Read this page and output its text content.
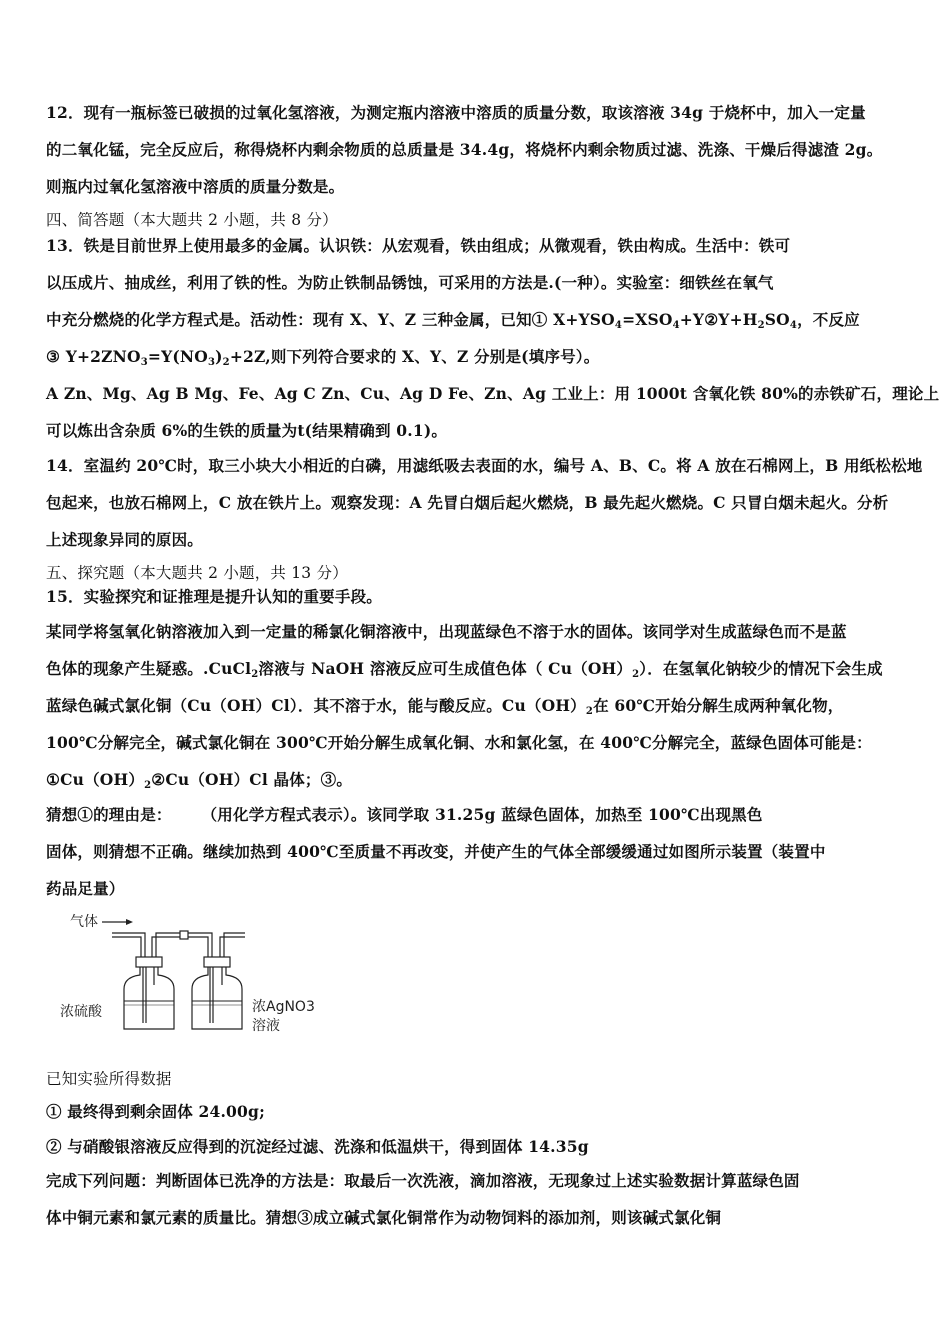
12．现有一瓶标签已破损的过氧化氢溶液，为测定瓶内溶液中溶质的质量分数，取该溶液 34g 于烧杯中，加入一定量
的二氧化锰，完全反应后，称得烧杯内剩余物质的总质量是 34.4g，将烧杯内剩余物质过滤、洗涤、干燥后得滤渣 2g。
则瓶内过氧化氢溶液中溶质的质量分数是。
四、简答题（本大题共 2 小题，共 8 分）
13．铁是目前世界上使用最多的金属。认识铁：从宏观看，铁由组成；从微观看，铁由构成。生活中：铁可
以压成片、抽成丝，利用了铁的性。为防止铁制品锈蚀，可采用的方法是.(一种）。实验室：细铁丝在氧气
中充分燃烧的化学方程式是。活动性：现有 X、Y、Z 三种金属，已知① $X+YSO_4=XSO_4+Y②Y+H_2SO_4$，不反应
③ $Y+2ZNO_3=Y(NO_3)_2+2Z$,则下列符合要求的 X、Y、Z 分别是(填序号）。
A Zn、Mg、Ag B Mg、Fe、Ag C Zn、Cu、Ag D Fe、Zn、Ag 工业上：用 1000t 含氧化铁 80%的赤铁矿石，理论上
可以炼出含杂质 6%的生铁的质量为t(结果精确到 0.1)。
14．室温约 20℃时，取三小块大小相近的白磷，用滤纸吸去表面的水，编号 A、B、C。将 A 放在石棉网上，B 用纸松松地
包起来，也放石棉网上，C 放在铁片上。观察发现：A 先冒白烟后起火燃烧，B 最先起火燃烧。C 只冒白烟未起火。分析
上述现象异同的原因。
五、探究题（本大题共 2 小题，共 13 分）
15．实验探究和证推理是提升认知的重要手段。
某同学将氢氧化钠溶液加入到一定量的稀氯化铜溶液中，出现蓝绿色不溶于水的固体。该同学对生成蓝绿色而不是蓝
色体的现象产生疑惑。.CuCl$_2$溶液与 NaOH 溶液反应可生成值色体（ $Cu(OH)_2$）．在氢氧化钠较少的情况下会生成
蓝绿色碱式氯化铜（Cu（OH）Cl）．其不溶于水，能与酸反应。$Cu(OH)_2$在 60℃开始分解生成两种氧化物，
100℃分解完全，碱式氯化铜在 300℃开始分解生成氧化铜、水和氯化氢，在 400℃分解完全，蓝绿色固体可能是：
$①Cu(OH)_2②Cu(OH)Cl$ 晶体；③。
猜想①的理由是： （用化学方程式表示）。该同学取 31.25g 蓝绿色固体，加热至 100℃出现黑色
固体，则猜想不正确。继续加热到 400℃至质量不再改变，并使产生的气体全部缓缓通过如图所示装置（装置中
药品足量）
气体
浓硫酸	浓AgNO3
溶液
已知实验所得数据
① 最终得到剩余固体 24.00g;
② 与硝酸银溶液反应得到的沉淀经过滤、洗涤和低温烘干，得到固体 14.35g
完成下列问题：判断固体已洗净的方法是：取最后一次洗液，滴加溶液，无现象过上述实验数据计算蓝绿色固
体中铜元素和氯元素的质量比。猜想③成立碱式氯化铜常作为动物饲料的添加剂，则该碱式氯化铜
